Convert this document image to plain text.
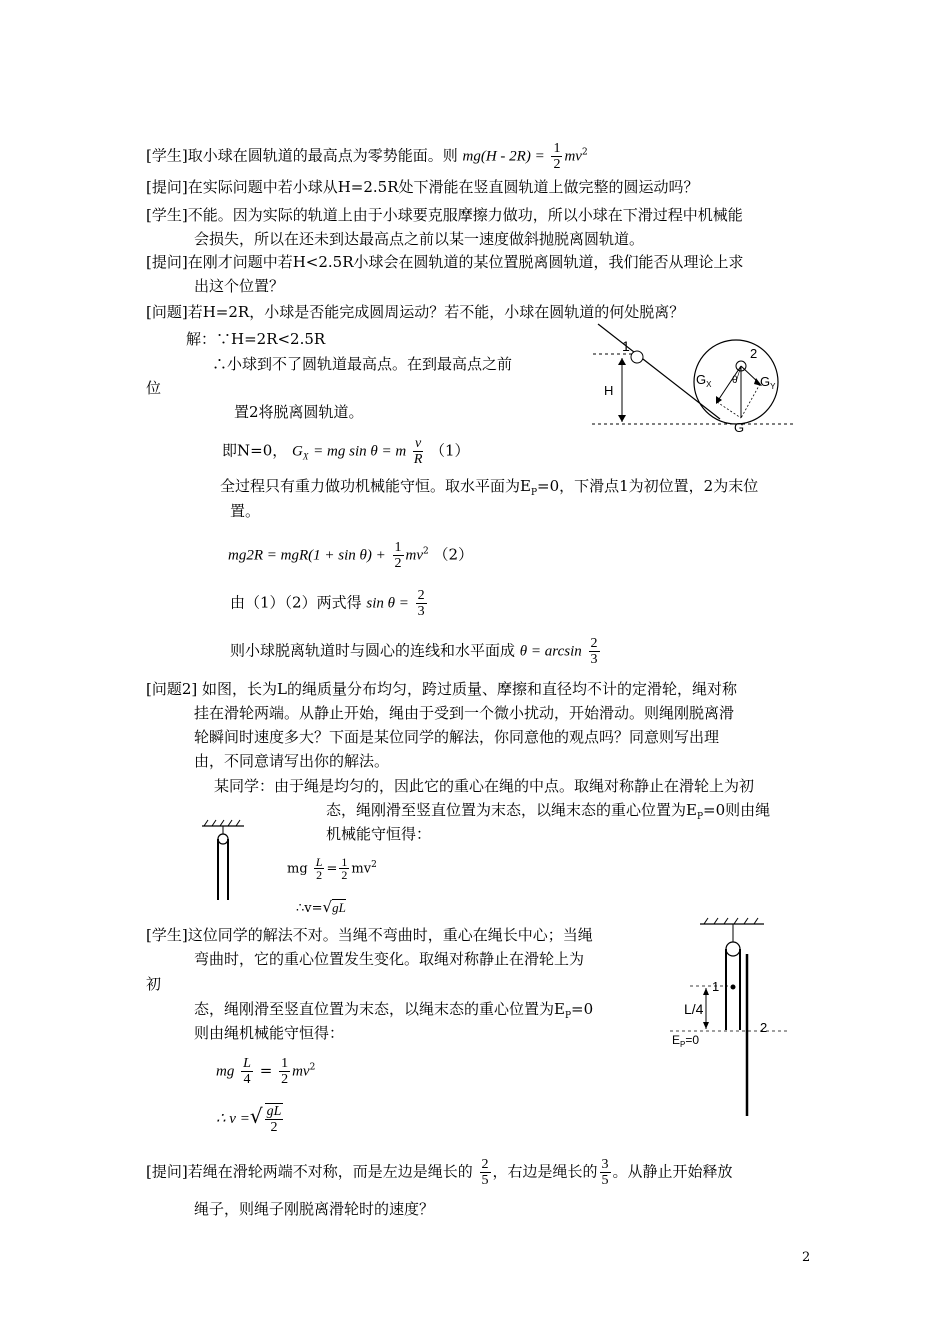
[学生]取小球在圆轨道的最高点为零势能面。则 $mg(H - 2R) = \frac{1}{2} mv^2$
[提问]在实际问题中若小球从H=2.5R处下滑能在竖直圆轨道上做完整的圆运动吗？
[学生]不能。因为实际的轨道上由于小球要克服摩擦力做功，所以小球在下滑过程中机械能
会损失，所以在还未到达最高点之前以某一速度做斜抛脱离圆轨道。
[提问]在刚才问题中若H<2.5R小球会在圆轨道的某位置脱离圆轨道，我们能否从理论上求
出这个位置？
[问题]若H=2R，小球是否能完成圆周运动？若不能，小球在圆轨道的何处脱离？
解：∵H=2R<2.5R
∴小球到不了圆轨道最高点。在到最高点之前
位
置2将脱离圆轨道。
即N=0， $G_X$ = mg sin θ = m $\frac{v}{R} (1)$
全过程只有重力做功机械能守恒。取水平面为$E_P=0$，下滑点1为初位置，2为末位
置。
$mg2R = mgR(1 + \sin \theta) + \frac{1}{2} mv^2$ （2）
由（1）（2）两式得 $\sin \theta = \frac{2}{3}$
则小球脱离轨道时与圆心的连线和水平面成 $\theta = \arcsin \frac{2}{3}$
[问题2] 如图，长为L的绳质量分布均匀，跨过质量、摩擦和直径均不计的定滑轮，绳对称
挂在滑轮两端。从静止开始，绳由于受到一个微小扰动，开始滑动。则绳刚脱离滑
轮瞬间时速度多大？下面是某位同学的解法，你同意他的观点吗？同意则写出理
由，不同意请写出你的解法。
某同学：由于绳是均匀的，因此它的重心在绳的中点。取绳对称静止在滑轮上为初
态，绳刚滑至竖直位置为末态，以绳末态的重心位置为$E_P=0$则由绳
机械能守恒得：
mg $\frac{L}{2} = \frac{1}{2} mv^2$
∴v=√gL
[学生]这位同学的解法不对。当绳不弯曲时，重心在绳长中心；当绳
弯曲时，它的重心位置发生变化。取绳对称静止在滑轮上为
初
态，绳刚滑至竖直位置为末态，以绳末态的重心位置为$E_P=0$
则由绳机械能守恒得：
mg $\frac{L}{4} = \frac{1}{2} mv^2$
∴ v =√ $\frac{gL}{2}$
[提问]若绳在滑轮两端不对称，而是左边是绳长的 $\frac{2}{5}$ ，右边是绳长的 $\frac{3}{5}$ 。从静止开始释放
绳子，则绳子刚脱离滑轮时的速度？
2
1	2
H
$G_X$	$G_Y$
θ
G
1
2
L/4
$E_P=0$
